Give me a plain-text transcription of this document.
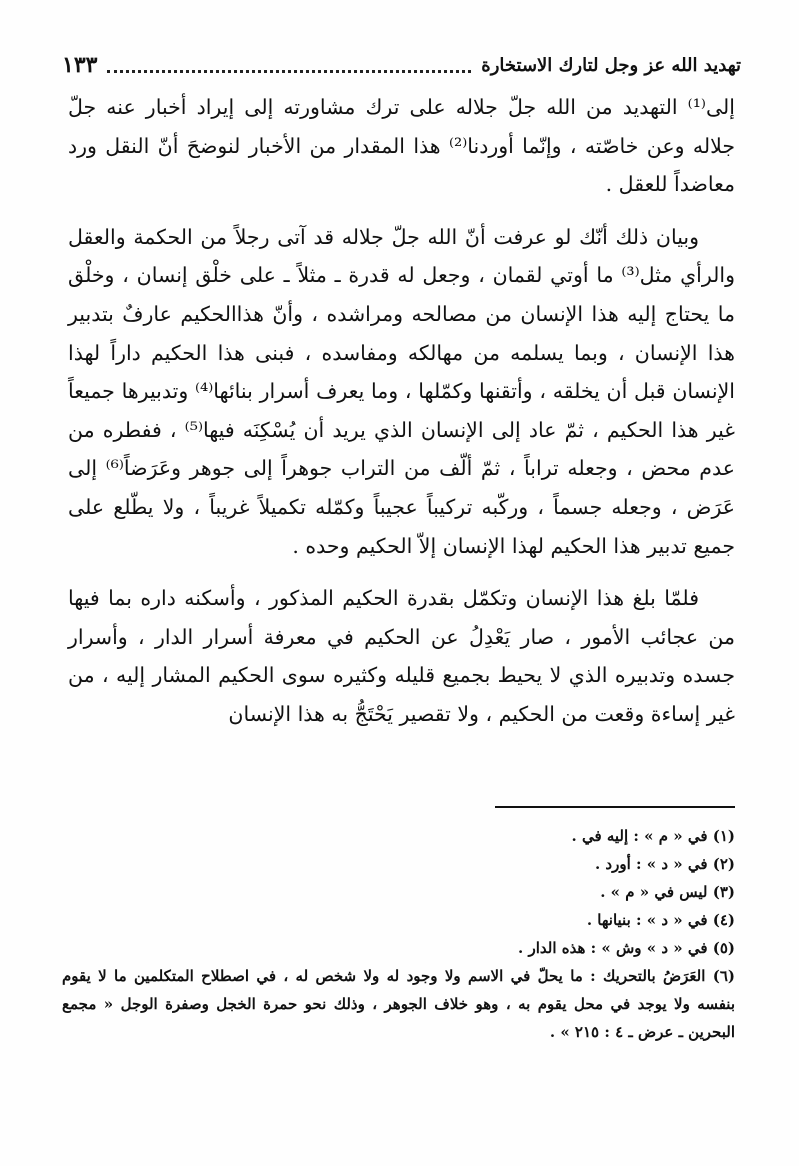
تهديد الله عز وجل لتارك الاستخارة
١٣٣

إلى⁽¹⁾ التهديد من الله جلّ جلاله على ترك مشاورته إلى إيراد أخبار عنه جلّ جلاله وعن خاصّته ، وإنّما أوردنا⁽²⁾ هذا المقدار من الأخبار لنوضحَ أنّ النقل ورد معاضداً للعقل .

وبيان ذلك أنّك لو عرفت أنّ الله جلّ جلاله قد آتى رجلاً من الحكمة والعقل والرأي مثل⁽³⁾ ما أوتي لقمان ، وجعل له قدرة ـ مثلاً ـ على خلْق إنسان ، وخلْق ما يحتاج إليه هذا الإنسان من مصالحه ومراشده ، وأنّ هذاالحكيم عارفٌ بتدبير هذا الإنسان ، وبما يسلمه من مهالكه ومفاسده ، فبنى هذا الحكيم داراً لهذا الإنسان قبل أن يخلقه ، وأتقنها وكمّلها ، وما يعرف أسرار بنائها⁽⁴⁾ وتدبيرها جميعاً غير هذا الحكيم ، ثمّ عاد إلى الإنسان الذي يريد أن يُسْكِنَه فيها⁽⁵⁾ ، ففطره من عدم محض ، وجعله تراباً ، ثمّ ألّف من التراب جوهراً إلى جوهر وعَرَضاً⁽⁶⁾ إلى عَرَض ، وجعله جسماً ، وركّبه تركيباً عجيباً وكمّله تكميلاً غريباً ، ولا يطّلع على جميع تدبير هذا الحكيم لهذا الإنسان إلاّ الحكيم وحده .

فلمّا بلغ هذا الإنسان وتكمّل بقدرة الحكيم المذكور ، وأسكنه داره بما فيها من عجائب الأمور ، صار يَعْدِلُ عن الحكيم في معرفة أسرار الدار ، وأسرار جسده وتدبيره الذي لا يحيط بجميع قليله وكثيره سوى الحكيم المشار إليه ، من غير إساءة وقعت من الحكيم ، ولا تقصير يَحْتَجُّ به هذا الإنسان

(١) في « م » : إليه في .

(٢) في « د » : أورد .

(٣) ليس في « م » .

(٤) في « د » : بنيانها .

(٥) في « د » وش » : هذه الدار .

(٦) العَرَضُ بالتحريك : ما يحلّ في الاسم ولا وجود له ولا شخص له ، في اصطلاح المتكلمين ما لا يقوم بنفسه ولا يوجد في محل يقوم به ، وهو خلاف الجوهر ، وذلك نحو حمرة الخجل وصفرة الوجل « مجمع البحرين ـ عرض ـ ٤ : ٢١٥ » .
